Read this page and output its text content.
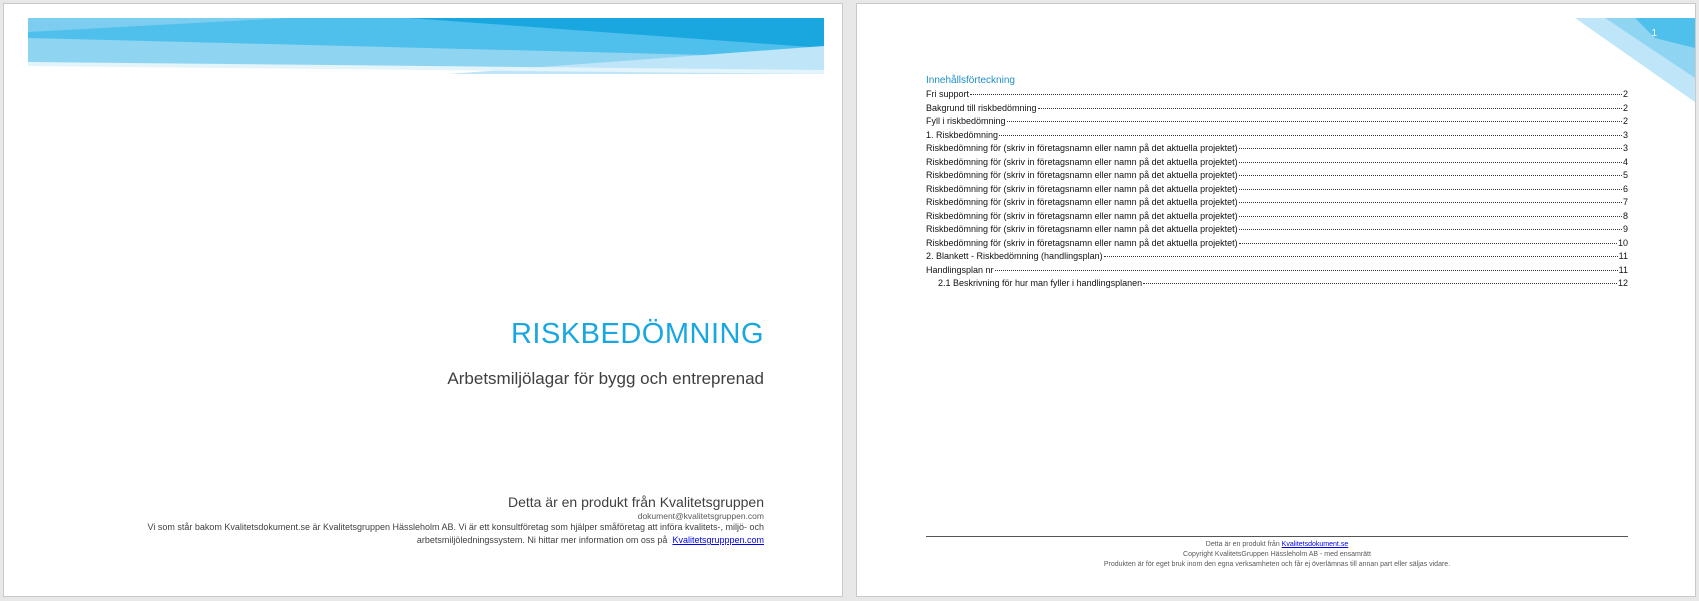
RISKBEDÖMNING
Arbetsmiljölagar för bygg och entreprenad
Detta är en produkt från Kvalitetsgruppen
dokument@kvalitetsgruppen.com
Vi som står bakom Kvalitetsdokument.se är Kvalitetsgruppen Hässleholm AB. Vi är ett konsultföretag som hjälper småföretag att införa kvalitets-, miljö- och arbetsmiljöledningssystem. Ni hittar mer information om oss på Kvalitetsgrupppen.com
1
Innehållsförteckning
Fri support	2
Bakgrund till riskbedömning	2
Fyll i riskbedömning	2
1. Riskbedömning	3
Riskbedömning för (skriv in företagsnamn eller namn på det aktuella projektet)	3
Riskbedömning för (skriv in företagsnamn eller namn på det aktuella projektet)	4
Riskbedömning för (skriv in företagsnamn eller namn på det aktuella projektet)	5
Riskbedömning för (skriv in företagsnamn eller namn på det aktuella projektet)	6
Riskbedömning för (skriv in företagsnamn eller namn på det aktuella projektet)	7
Riskbedömning för (skriv in företagsnamn eller namn på det aktuella projektet)	8
Riskbedömning för (skriv in företagsnamn eller namn på det aktuella projektet)	9
Riskbedömning för (skriv in företagsnamn eller namn på det aktuella projektet)	10
2. Blankett - Riskbedömning (handlingsplan)	11
Handlingsplan nr	11
2.1 Beskrivning för hur man fyller i handlingsplanen	12
Detta är en produkt från Kvalitetsdokument.se
Copyright KvalitetsGruppen Hässleholm AB - med ensamrätt
Produkten är för eget bruk inom den egna verksamheten och får ej överlämnas till annan part eller säljas vidare.
